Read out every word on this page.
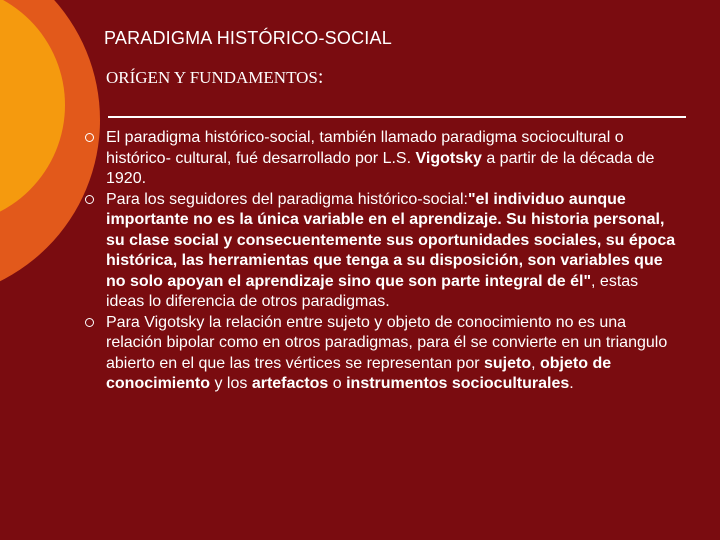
PARADIGMA HISTÓRICO-SOCIAL
ORÍGEN Y FUNDAMENTOS:
El paradigma histórico-social, también llamado paradigma sociocultural o histórico- cultural, fué desarrollado por L.S. Vigotsky a partir de la década de 1920.
Para los seguidores del paradigma histórico-social:"el individuo aunque importante no es la única variable en el aprendizaje. Su historia personal, su clase social y consecuentemente sus oportunidades sociales, su época histórica, las herramientas que tenga a su disposición, son variables que no solo apoyan el aprendizaje sino que son parte integral de él", estas ideas lo diferencia de otros paradigmas.
Para Vigotsky la relación entre sujeto y objeto de conocimiento no es una relación bipolar como en otros paradigmas, para él se convierte en un triangulo abierto en el que las tres vértices se representan por sujeto, objeto de conocimiento y los artefactos o instrumentos socioculturales.
